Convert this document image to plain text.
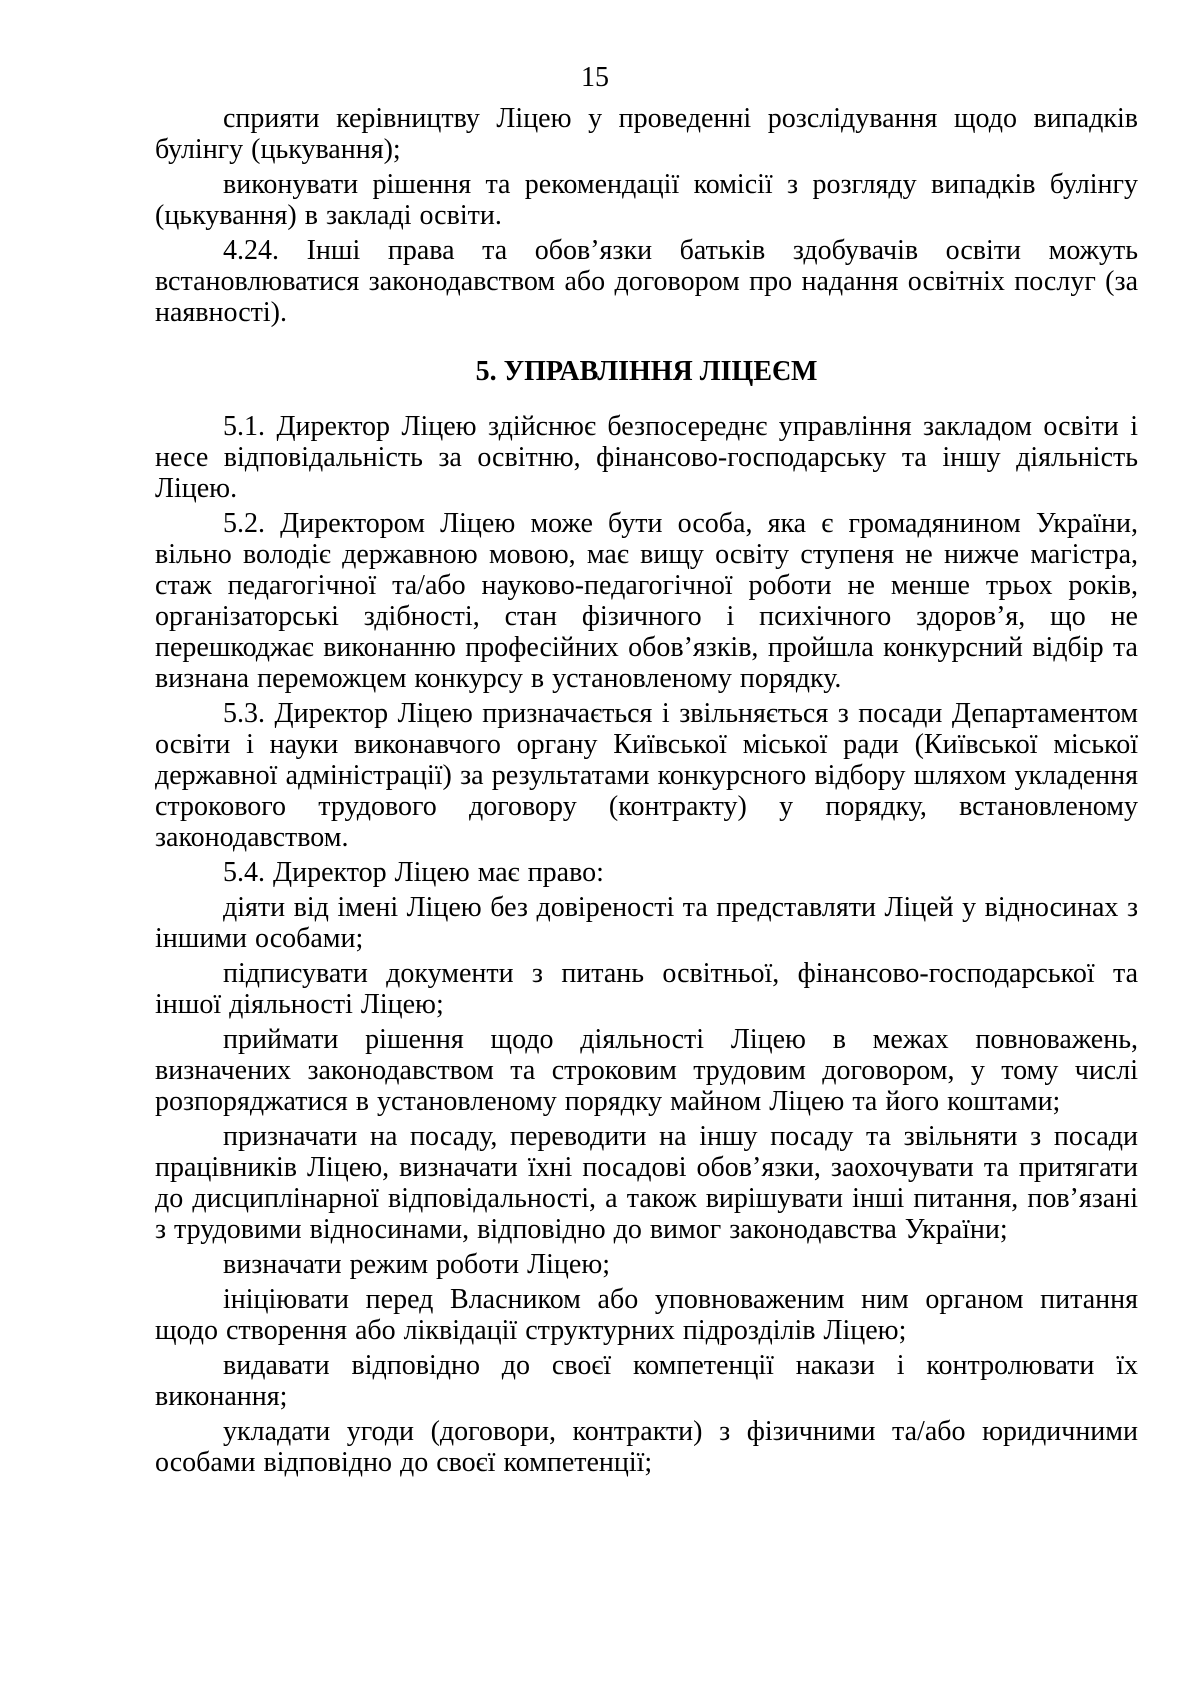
15

сприяти керівництву Ліцею у проведенні розслідування щодо випадків булінгу (цькування);

виконувати рішення та рекомендації комісії з розгляду випадків булінгу (цькування) в закладі освіти.

4.24. Інші права та обов’язки батьків здобувачів освіти можуть встановлюватися законодавством або договором про надання освітніх послуг (за наявності).

5. УПРАВЛІННЯ ЛІЦЕЄМ

5.1. Директор Ліцею здійснює безпосереднє управління закладом освіти і несе відповідальність за освітню, фінансово-господарську та іншу діяльність Ліцею.

5.2. Директором Ліцею може бути особа, яка є громадянином України, вільно володіє державною мовою, має вищу освіту ступеня не нижче магістра, стаж педагогічної та/або науково-педагогічної роботи не менше трьох років, організаторські здібності, стан фізичного і психічного здоров’я, що не перешкоджає виконанню професійних обов’язків, пройшла конкурсний відбір та визнана переможцем конкурсу в установленому порядку.

5.3. Директор Ліцею призначається і звільняється з посади Департаментом освіти і науки виконавчого органу Київської міської ради (Київської міської державної адміністрації) за результатами конкурсного відбору шляхом укладення строкового трудового договору (контракту) у порядку, встановленому законодавством.

5.4. Директор Ліцею має право:

діяти від імені Ліцею без довіреності та представляти Ліцей у відносинах з іншими особами;

підписувати документи з питань освітньої, фінансово-господарської та іншої діяльності Ліцею;

приймати рішення щодо діяльності Ліцею в межах повноважень, визначених законодавством та строковим трудовим договором, у тому числі розпоряджатися в установленому порядку майном Ліцею та його коштами;

призначати на посаду, переводити на іншу посаду та звільняти з посади працівників Ліцею, визначати їхні посадові обов’язки, заохочувати та притягати до дисциплінарної відповідальності, а також вирішувати інші питання, пов’язані з трудовими відносинами, відповідно до вимог законодавства України;

визначати режим роботи Ліцею;

ініціювати перед Власником або уповноваженим ним органом питання щодо створення або ліквідації структурних підрозділів Ліцею;

видавати відповідно до своєї компетенції накази і контролювати їх виконання;

укладати угоди (договори, контракти) з фізичними та/або юридичними особами відповідно до своєї компетенції;
